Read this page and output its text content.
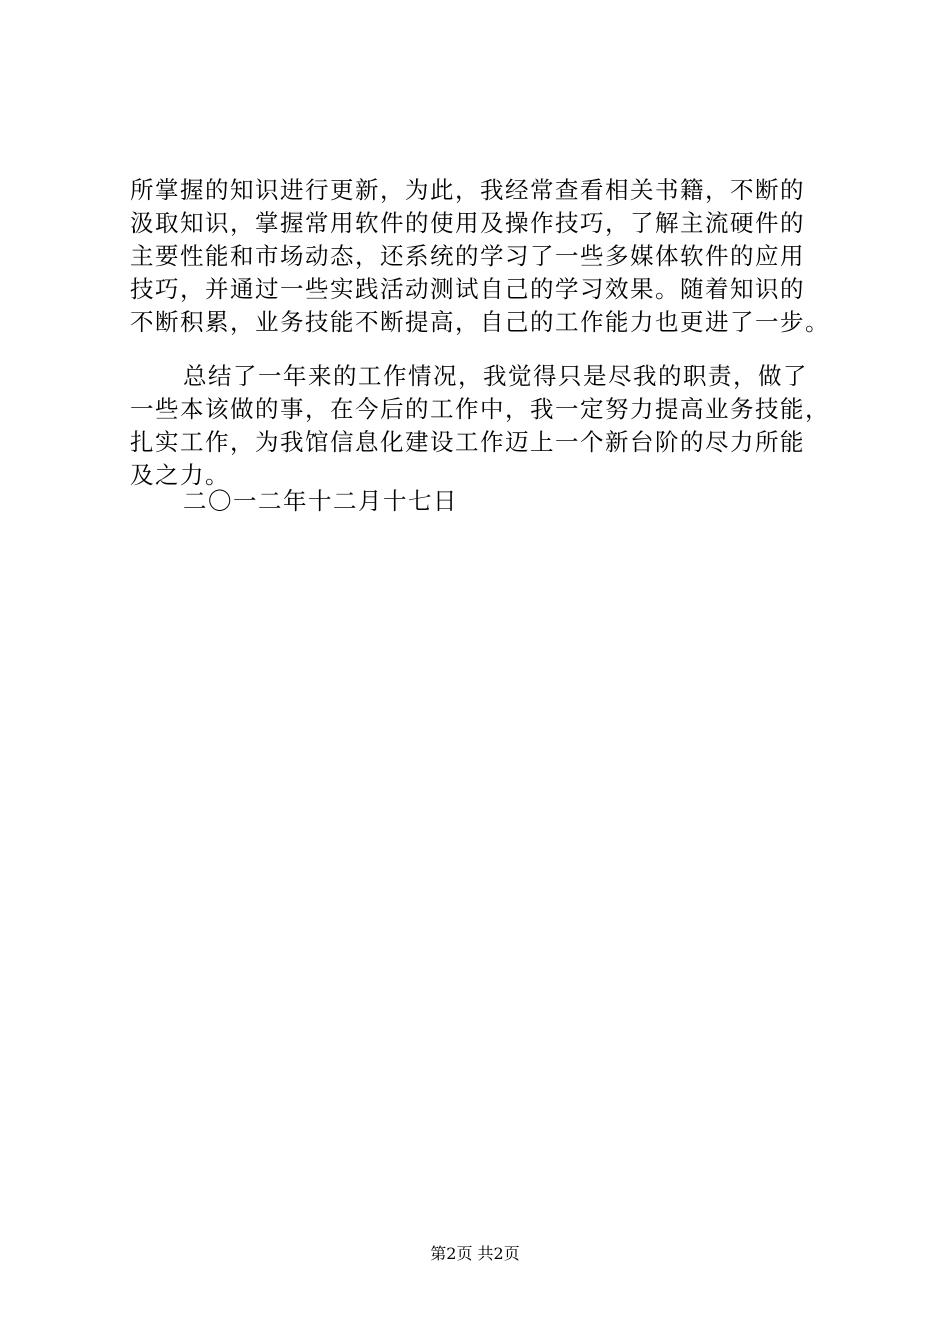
所掌握的知识进行更新，为此，我经常查看相关书籍，不断的
汲取知识，掌握常用软件的使用及操作技巧，了解主流硬件的
主要性能和市场动态，还系统的学习了一些多媒体软件的应用
技巧，并通过一些实践活动测试自己的学习效果。随着知识的
不断积累，业务技能不断提高，自己的工作能力也更进了一步。
总结了一年来的工作情况，我觉得只是尽我的职责，做了
一些本该做的事，在今后的工作中，我一定努力提高业务技能，
扎实工作，为我馆信息化建设工作迈上一个新台阶的尽力所能
及之力。
二〇一二年十二月十七日
第2页 共2页
